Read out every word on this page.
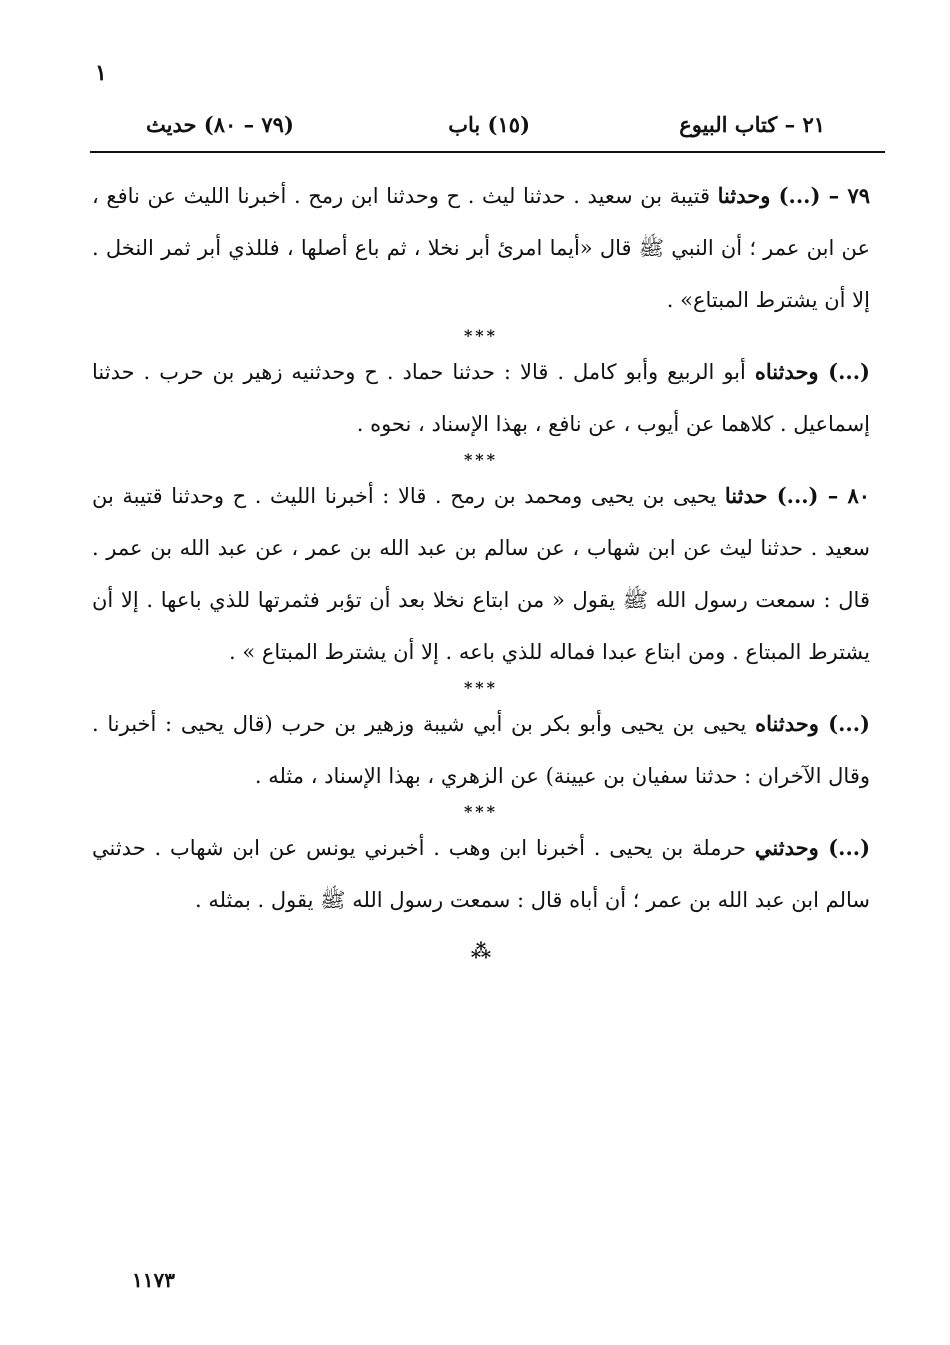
١
٢١ – كتاب البيوع
(١٥) باب
(٧٩ – ٨٠) حديث

٧٩ – (...) وحدثنا قتيبة بن سعيد . حدثنا ليث . ح وحدثنا ابن رمح . أخبرنا الليث عن نافع ، عن ابن عمر ؛ أن النبي ﷺ قال «أيما امرئ أبر نخلا ، ثم باع أصلها ، فللذي أبر ثمر النخل . إلا أن يشترط المبتاع» .

***

(...) وحدثناه أبو الربيع وأبو كامل . قالا : حدثنا حماد . ح وحدثنيه زهير بن حرب . حدثنا إسماعيل . كلاهما عن أيوب ، عن نافع ، بهذا الإسناد ، نحوه .

***

٨٠ – (...) حدثنا يحيى بن يحيى ومحمد بن رمح . قالا : أخبرنا الليث . ح وحدثنا قتيبة بن سعيد . حدثنا ليث عن ابن شهاب ، عن سالم بن عبد الله بن عمر ، عن عبد الله بن عمر . قال : سمعت رسول الله ﷺ يقول « من ابتاع نخلا بعد أن تؤبر فثمرتها للذي باعها . إلا أن يشترط المبتاع . ومن ابتاع عبدا فماله للذي باعه . إلا أن يشترط المبتاع » .

***

(...) وحدثناه يحيى بن يحيى وأبو بكر بن أبي شيبة وزهير بن حرب (قال يحيى : أخبرنا . وقال الآخران : حدثنا سفيان بن عيينة) عن الزهري ، بهذا الإسناد ، مثله .

***

(...) وحدثني حرملة بن يحيى . أخبرنا ابن وهب . أخبرني يونس عن ابن شهاب . حدثني سالم ابن عبد الله بن عمر ؛ أن أباه قال : سمعت رسول الله ﷺ يقول . بمثله .

⁂
١١٧٣
